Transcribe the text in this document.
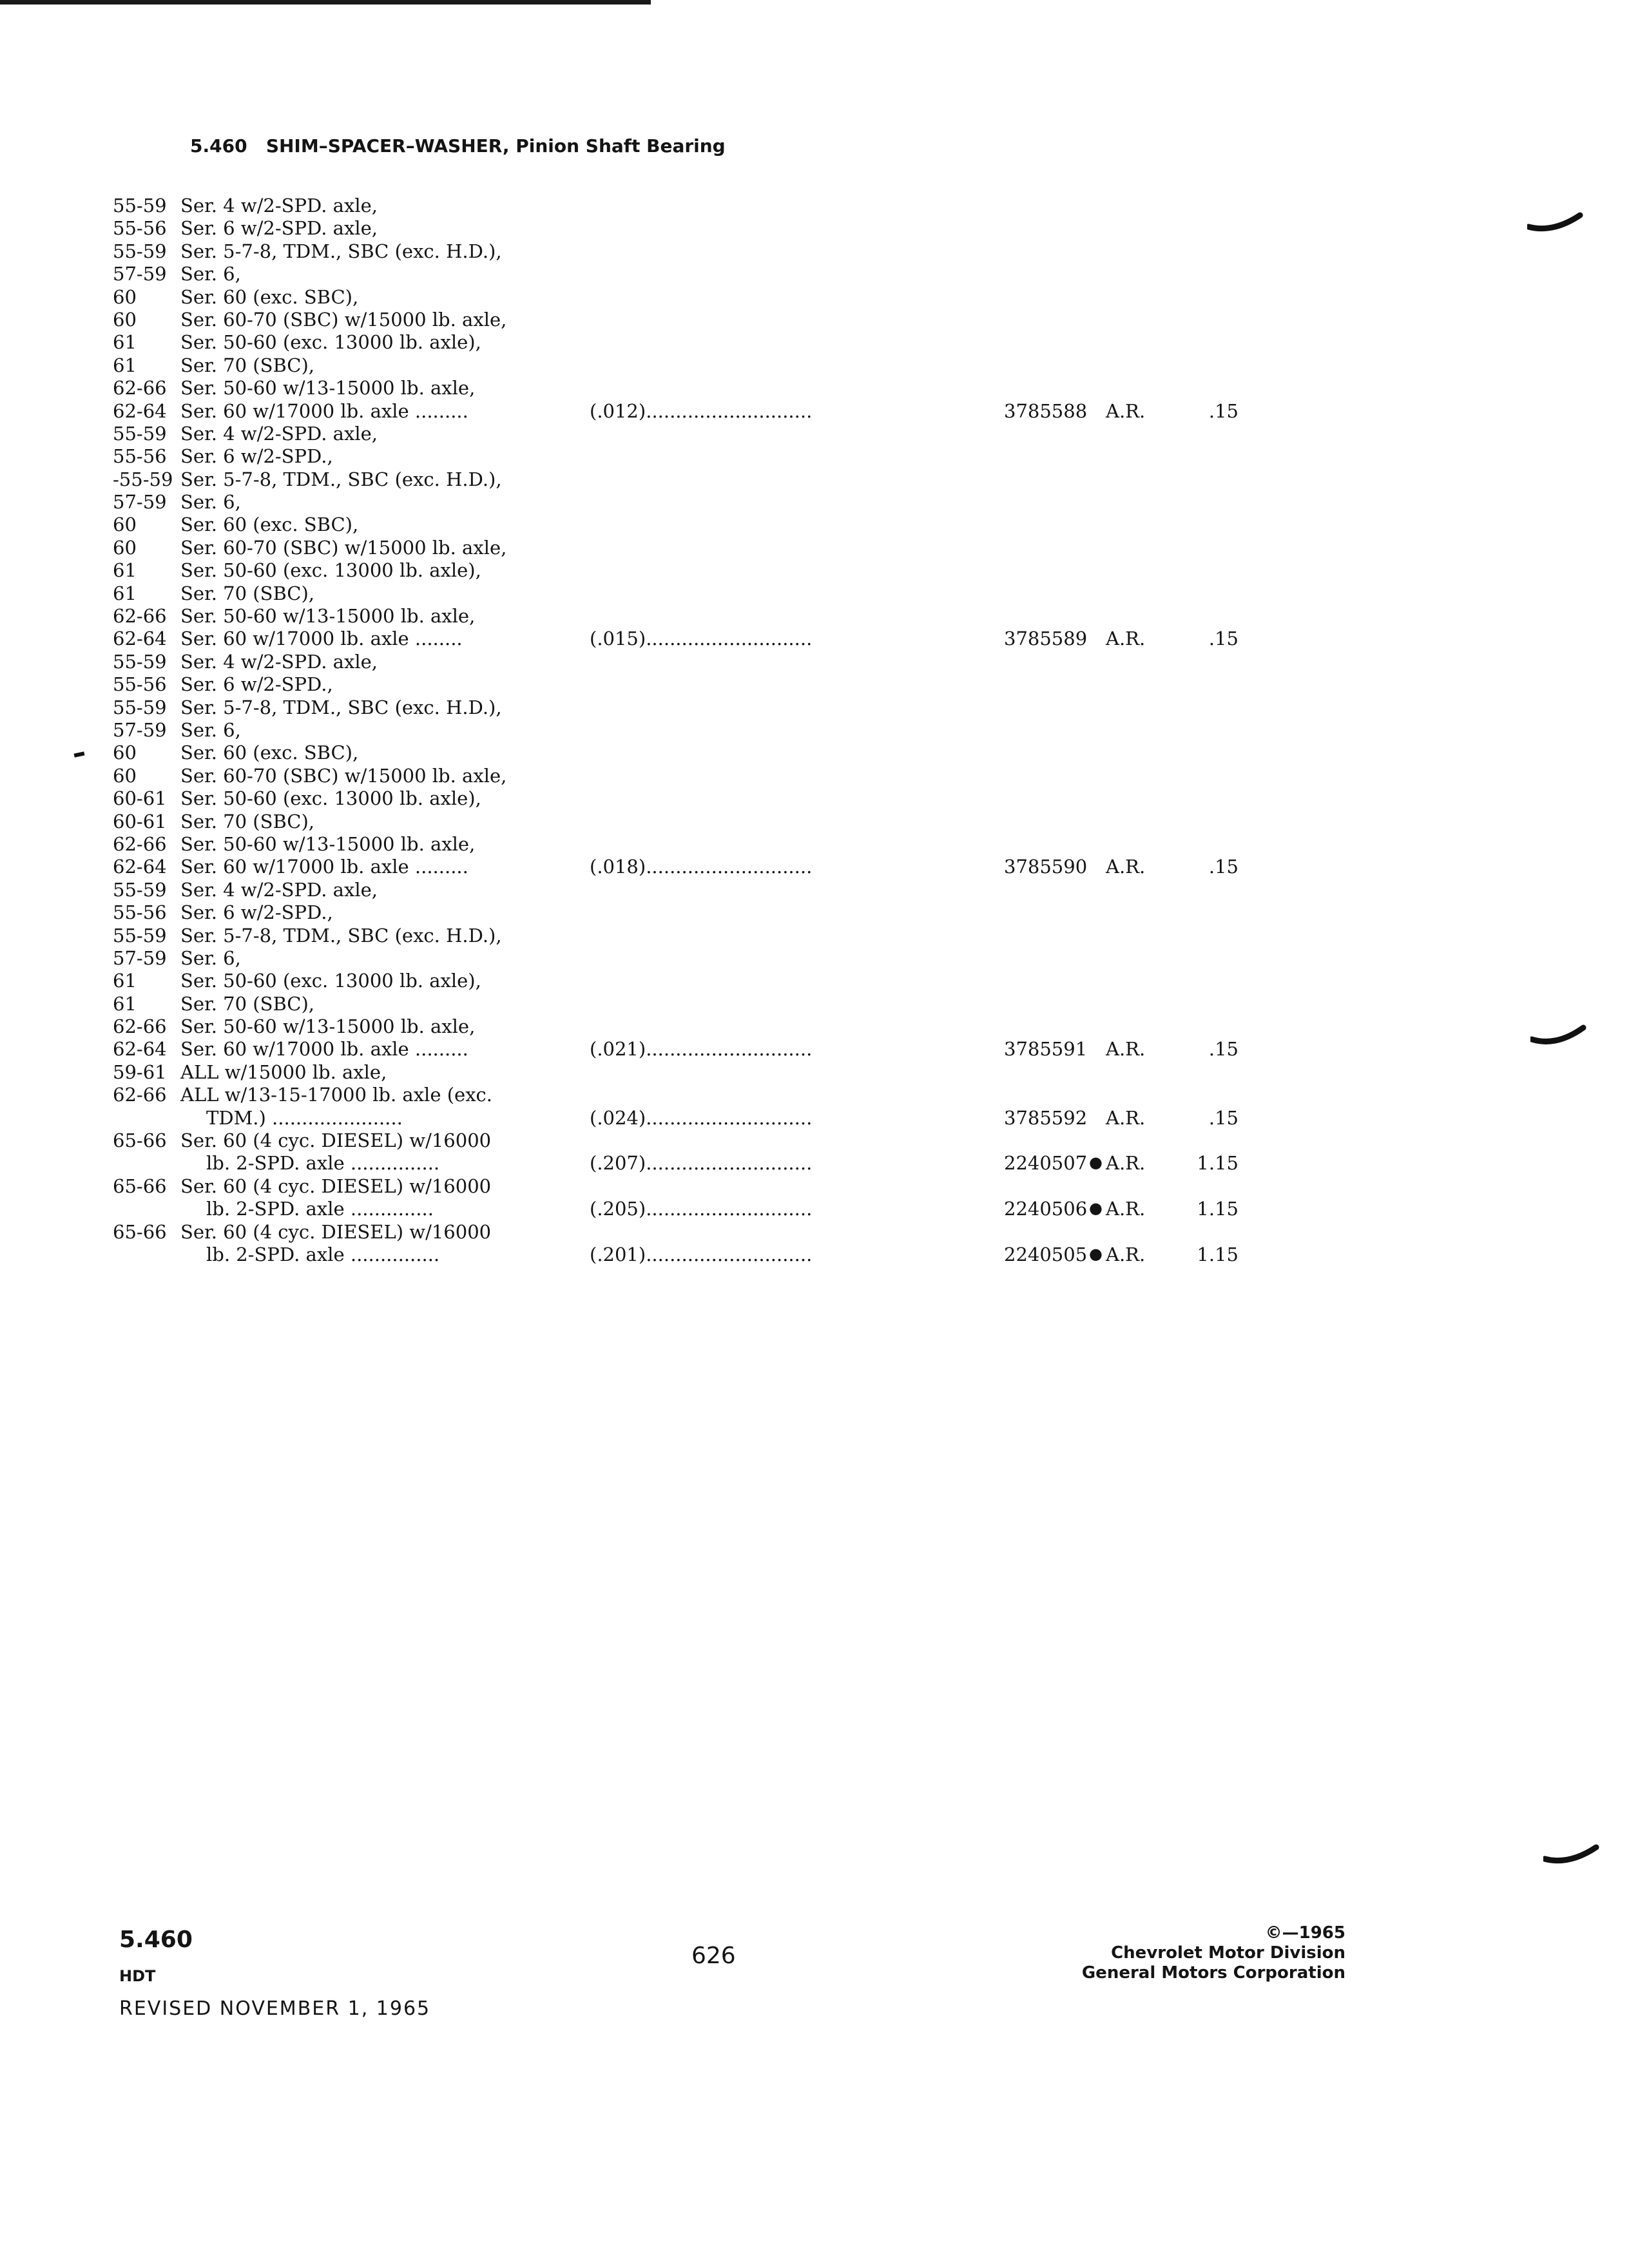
5.460 SHIM–SPACER–WASHER, Pinion Shaft Bearing
55-59 Ser. 4 w/2-SPD. axle,
55-56 Ser. 6 w/2-SPD. axle,
55-59 Ser. 5-7-8, TDM., SBC (exc. H.D.),
57-59 Ser. 6,
60 Ser. 60 (exc. SBC),
60 Ser. 60-70 (SBC) w/15000 lb. axle,
61 Ser. 50-60 (exc. 13000 lb. axle),
61 Ser. 70 (SBC),
62-66 Ser. 50-60 w/13-15000 lb. axle,
62-64 Ser. 60 w/17000 lb. axle .........	(.012)............................	3785588 A.R.	.15
55-59 Ser. 4 w/2-SPD. axle,
55-56 Ser. 6 w/2-SPD.,
-55-59 Ser. 5-7-8, TDM., SBC (exc. H.D.),
57-59 Ser. 6,
60 Ser. 60 (exc. SBC),
60 Ser. 60-70 (SBC) w/15000 lb. axle,
61 Ser. 50-60 (exc. 13000 lb. axle),
61 Ser. 70 (SBC),
62-66 Ser. 50-60 w/13-15000 lb. axle,
62-64 Ser. 60 w/17000 lb. axle ........	(.015)............................	3785589 A.R.	.15
55-59 Ser. 4 w/2-SPD. axle,
55-56 Ser. 6 w/2-SPD.,
55-59 Ser. 5-7-8, TDM., SBC (exc. H.D.),
57-59 Ser. 6,
60 Ser. 60 (exc. SBC),
60 Ser. 60-70 (SBC) w/15000 lb. axle,
60-61 Ser. 50-60 (exc. 13000 lb. axle),
60-61 Ser. 70 (SBC),
62-66 Ser. 50-60 w/13-15000 lb. axle,
62-64 Ser. 60 w/17000 lb. axle .........	(.018)............................	3785590 A.R.	.15
55-59 Ser. 4 w/2-SPD. axle,
55-56 Ser. 6 w/2-SPD.,
55-59 Ser. 5-7-8, TDM., SBC (exc. H.D.),
57-59 Ser. 6,
61 Ser. 50-60 (exc. 13000 lb. axle),
61 Ser. 70 (SBC),
62-66 Ser. 50-60 w/13-15000 lb. axle,
62-64 Ser. 60 w/17000 lb. axle .........	(.021)............................	3785591 A.R.	.15
59-61 ALL w/15000 lb. axle,
62-66 ALL w/13-15-17000 lb. axle (exc.
TDM.) ......................	(.024)............................	3785592 A.R.	.15
65-66 Ser. 60 (4 cyc. DIESEL) w/16000
lb. 2-SPD. axle ...............	(.207)............................	2240507 ● A.R.	1.15
65-66 Ser. 60 (4 cyc. DIESEL) w/16000
lb. 2-SPD. axle ..............	(.205)............................	2240506 ● A.R.	1.15
65-66 Ser. 60 (4 cyc. DIESEL) w/16000
lb. 2-SPD. axle ...............	(.201)............................	2240505 ● A.R.	1.15
5.460
HDT
REVISED NOVEMBER 1, 1965
626
©—1965
Chevrolet Motor Division
General Motors Corporation
